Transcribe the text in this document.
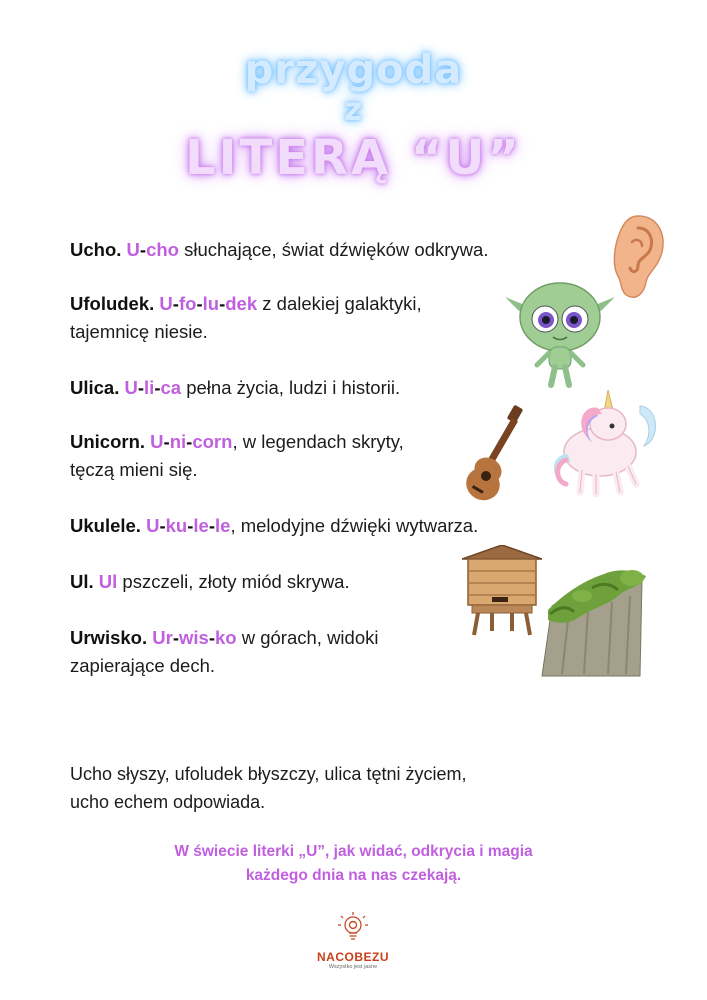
przygoda
z
LITERĄ “U”
Ucho. U-cho słuchające, świat dźwięków odkrywa.
Ufoludek. U-fo-lu-dek z dalekiej galaktyki,
tajemnicę niesie.
Ulica. U-li-ca pełna życia, ludzi i historii.
Unicorn. U-ni-corn, w legendach skryty,
tęczą mieni się.
Ukulele. U-ku-le-le, melodyjne dźwięki wytwarza.
Ul. Ul pszczeli, złoty miód skrywa.
Urwisko. Ur-wis-ko w górach, widoki
zapierające dech.
Ucho słyszy, ufoludek błyszczy, ulica tętni życiem,
ucho echem odpowiada.
W świecie literki „U”, jak widać, odkrycia i magia
każdego dnia na nas czekają.
NACOBEZU
Wszystko jest jasne
